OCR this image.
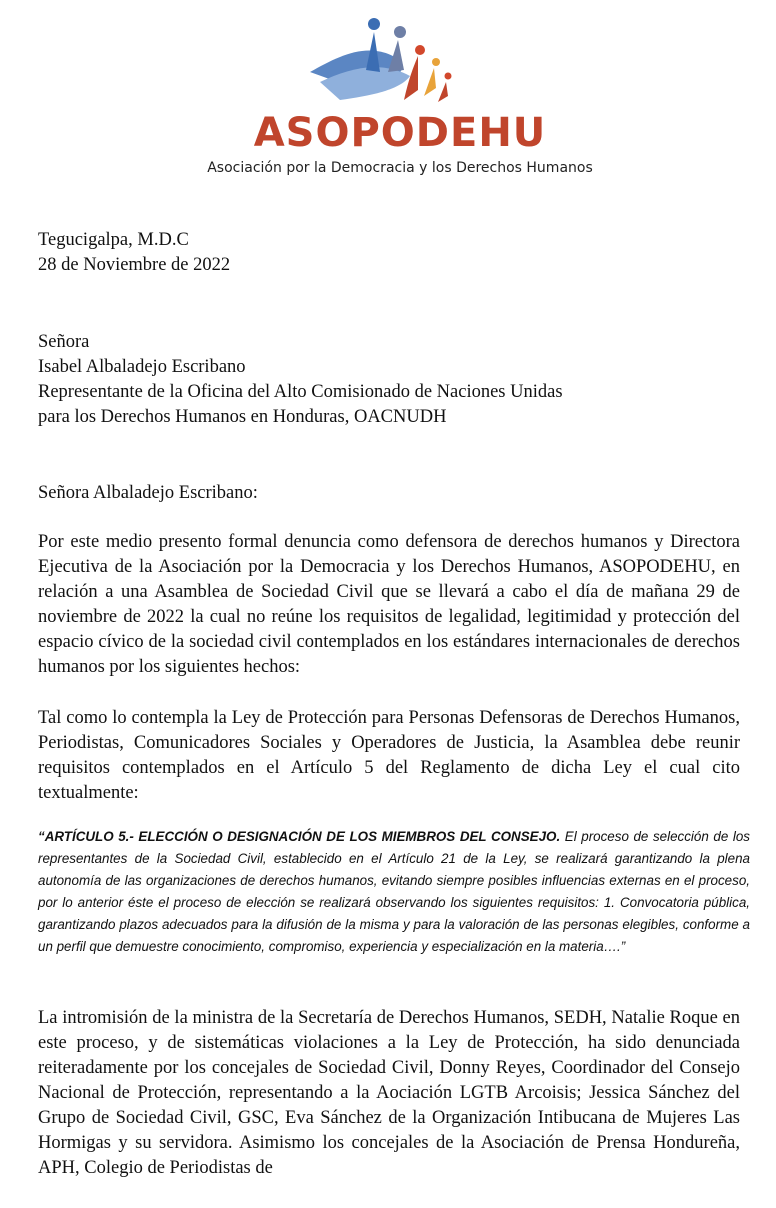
ASOPODEHU
Asociación por la Democracia y los Derechos Humanos
Tegucigalpa, M.D.C
28 de Noviembre de 2022
Señora
Isabel Albaladejo Escribano
Representante de la Oficina del Alto Comisionado de Naciones Unidas
para los Derechos Humanos en Honduras, OACNUDH
Señora Albaladejo Escribano:
Por este medio presento formal denuncia como defensora de derechos humanos y Directora Ejecutiva de la Asociación por la Democracia y los Derechos Humanos, ASOPODEHU, en relación a una Asamblea de Sociedad Civil que se llevará a cabo el día de mañana 29 de noviembre de 2022 la cual no reúne los requisitos de legalidad, legitimidad y protección del espacio cívico de la sociedad civil contemplados en los estándares internacionales de derechos humanos por los siguientes hechos:
Tal como lo contempla la Ley de Protección para Personas Defensoras de Derechos Humanos, Periodistas, Comunicadores Sociales y Operadores de Justicia, la Asamblea debe reunir requisitos contemplados en el Artículo 5 del Reglamento de dicha Ley el cual cito textualmente:
“ARTÍCULO 5.- ELECCIÓN O DESIGNACIÓN DE LOS MIEMBROS DEL CONSEJO. El proceso de selección de los representantes de la Sociedad Civil, establecido en el Artículo 21 de la Ley, se realizará garantizando la plena autonomía de las organizaciones de derechos humanos, evitando siempre posibles influencias externas en el proceso, por lo anterior éste el proceso de elección se realizará observando los siguientes requisitos: 1. Convocatoria pública, garantizando plazos adecuados para la difusión de la misma y para la valoración de las personas elegibles, conforme a un perfil que demuestre conocimiento, compromiso, experiencia y especialización en la materia….”
La intromisión de la ministra de la Secretaría de Derechos Humanos, SEDH, Natalie Roque en este proceso, y de sistemáticas violaciones a la Ley de Protección, ha sido denunciada reiteradamente por los concejales de Sociedad Civil, Donny Reyes, Coordinador del Consejo Nacional de Protección, representando a la Aociación LGTB Arcoisis; Jessica Sánchez del Grupo de Sociedad Civil, GSC, Eva Sánchez de la Organización Intibucana de Mujeres Las Hormigas y su servidora. Asimismo los concejales de la Asociación de Prensa Hondureña, APH, Colegio de Periodistas de
